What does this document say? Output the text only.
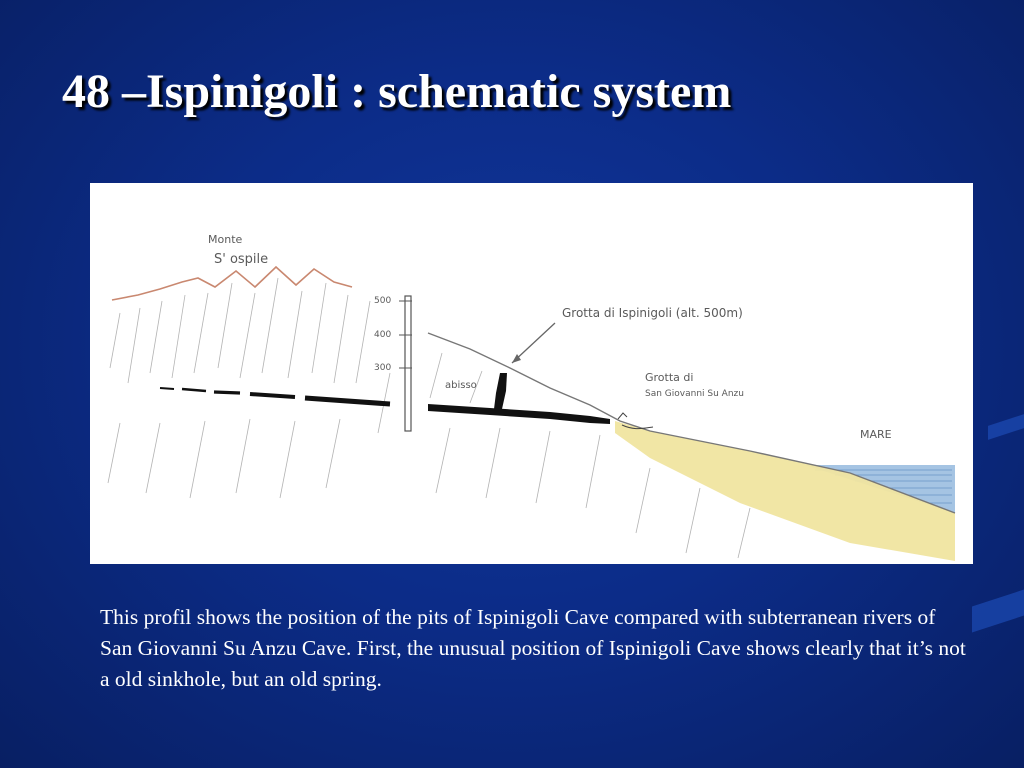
48 –Ispinigoli : schematic system
500
400
300
Monte
S' ospile
Grotta di Ispinigoli (alt. 500m)
abisso
Grotta di
San Giovanni Su Anzu
MARE

This profil shows the position of the pits of Ispinigoli Cave compared with subterranean rivers of San Giovanni Su Anzu Cave. First, the unusual position of Ispinigoli Cave shows clearly that it’s not a old sinkhole, but an old spring.
